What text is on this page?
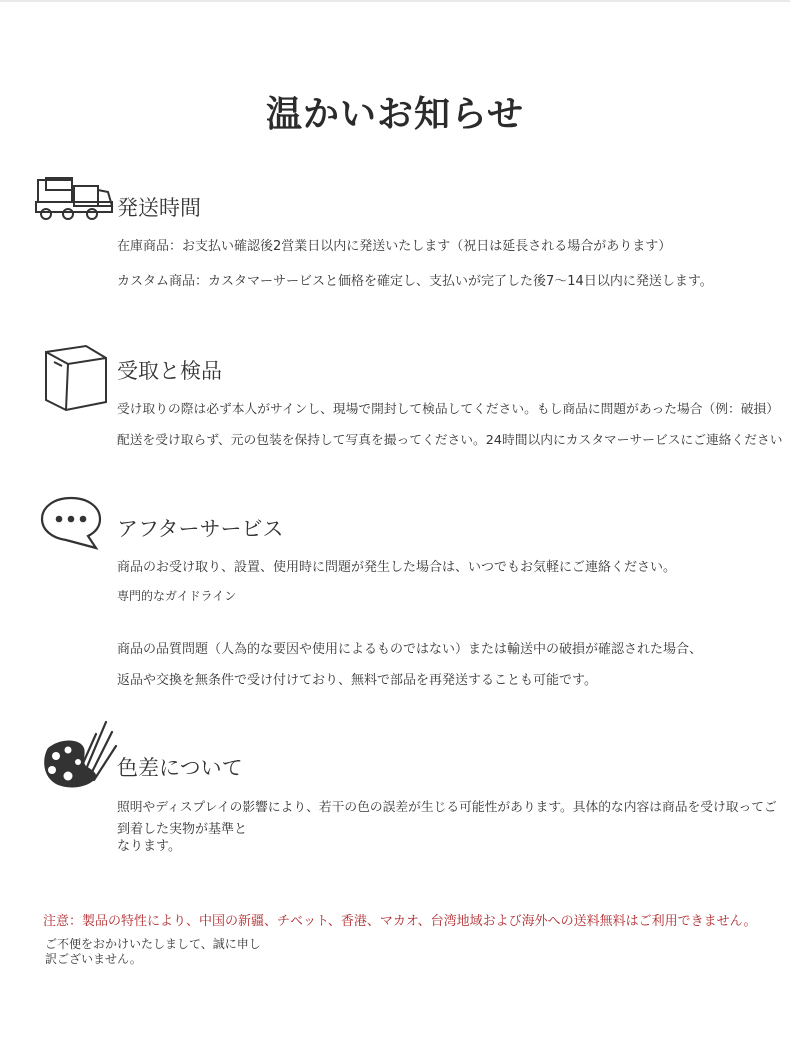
温かいお知らせ
発送時間
在庫商品：お支払い確認後2営業日以内に発送いたします（祝日は延長される場合があります）
カスタム商品：カスタマーサービスと価格を確定し、支払いが完了した後7〜14日以内に発送します。
受取と検品
受け取りの際は必ず本人がサインし、現場で開封して検品してください。もし商品に問題があった場合（例：破損）
配送を受け取らず、元の包装を保持して写真を撮ってください。24時間以内にカスタマーサービスにご連絡ください
アフターサービス
商品のお受け取り、設置、使用時に問題が発生した場合は、いつでもお気軽にご連絡ください。
専門的なガイドライン
商品の品質問題（人為的な要因や使用によるものではない）または輸送中の破損が確認された場合、
返品や交換を無条件で受け付けており、無料で部品を再発送することも可能です。
色差について
照明やディスプレイの影響により、若干の色の誤差が生じる可能性があります。具体的な内容は商品を受け取ってご
到着した実物が基準と
なります。
注意：製品の特性により、中国の新疆、チベット、香港、マカオ、台湾地域および海外への送料無料はご利用できません。
ご不便をおかけいたしまして、誠に申し
訳ございません。
